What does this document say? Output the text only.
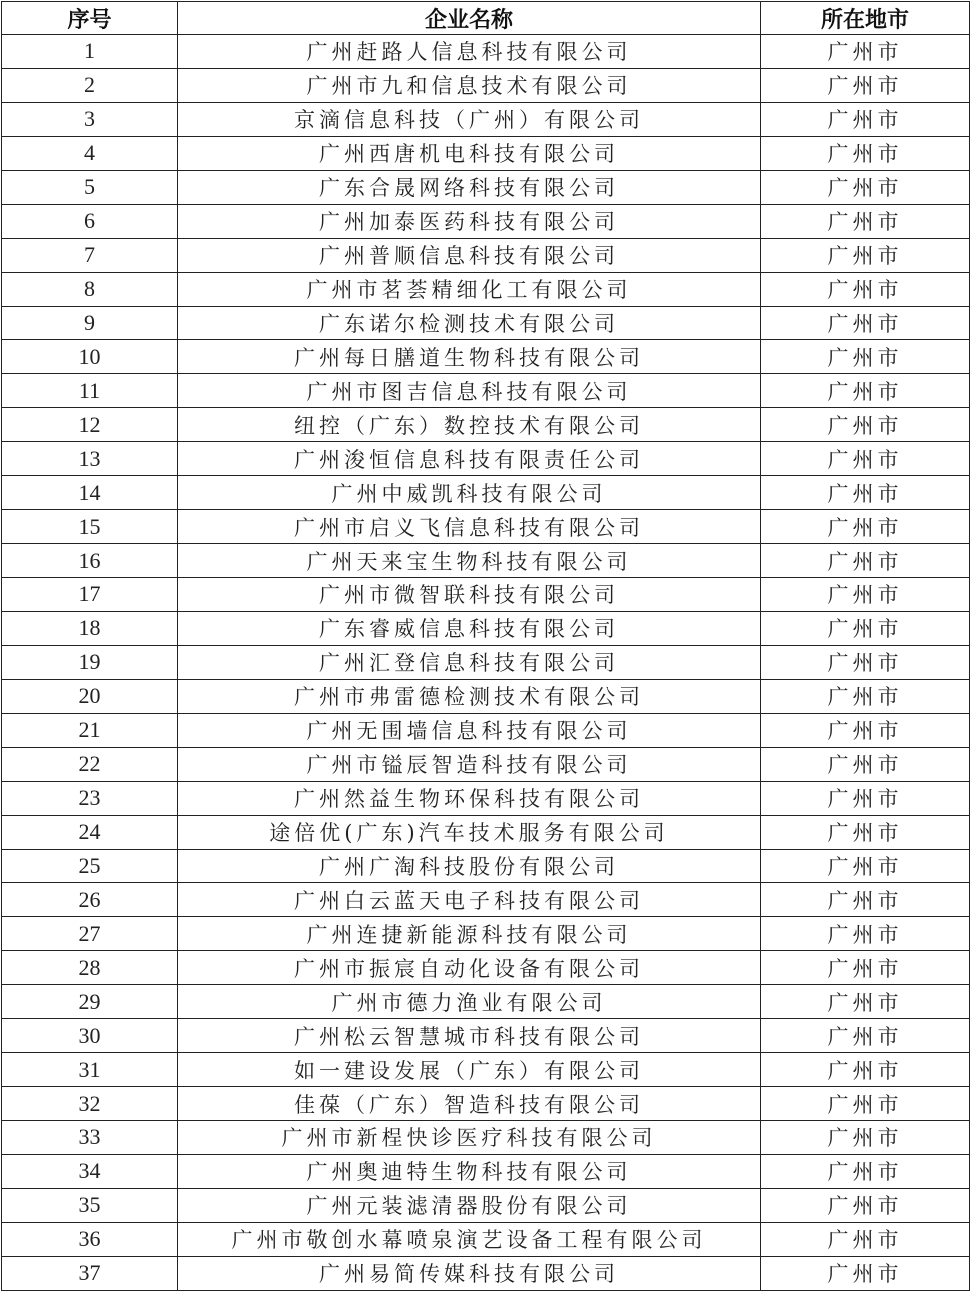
序号	企业名称	所在地市
1	广州赶路人信息科技有限公司	广州市
2	广州市九和信息技术有限公司	广州市
3	京滴信息科技（广州）有限公司	广州市
4	广州西唐机电科技有限公司	广州市
5	广东合晟网络科技有限公司	广州市
6	广州加泰医药科技有限公司	广州市
7	广州普顺信息科技有限公司	广州市
8	广州市茗荟精细化工有限公司	广州市
9	广东诺尔检测技术有限公司	广州市
10	广州每日膳道生物科技有限公司	广州市
11	广州市图吉信息科技有限公司	广州市
12	纽控（广东）数控技术有限公司	广州市
13	广州浚恒信息科技有限责任公司	广州市
14	广州中威凯科技有限公司	广州市
15	广州市启义飞信息科技有限公司	广州市
16	广州天来宝生物科技有限公司	广州市
17	广州市微智联科技有限公司	广州市
18	广东睿威信息科技有限公司	广州市
19	广州汇登信息科技有限公司	广州市
20	广州市弗雷德检测技术有限公司	广州市
21	广州无围墙信息科技有限公司	广州市
22	广州市镒辰智造科技有限公司	广州市
23	广州然益生物环保科技有限公司	广州市
24	途倍优(广东)汽车技术服务有限公司	广州市
25	广州广淘科技股份有限公司	广州市
26	广州白云蓝天电子科技有限公司	广州市
27	广州连捷新能源科技有限公司	广州市
28	广州市振宸自动化设备有限公司	广州市
29	广州市德力渔业有限公司	广州市
30	广州松云智慧城市科技有限公司	广州市
31	如一建设发展（广东）有限公司	广州市
32	佳葆（广东）智造科技有限公司	广州市
33	广州市新桯快诊医疗科技有限公司	广州市
34	广州奥迪特生物科技有限公司	广州市
35	广州元装滤清器股份有限公司	广州市
36	广州市敬创水幕喷泉演艺设备工程有限公司	广州市
37	广州易简传媒科技有限公司	广州市
